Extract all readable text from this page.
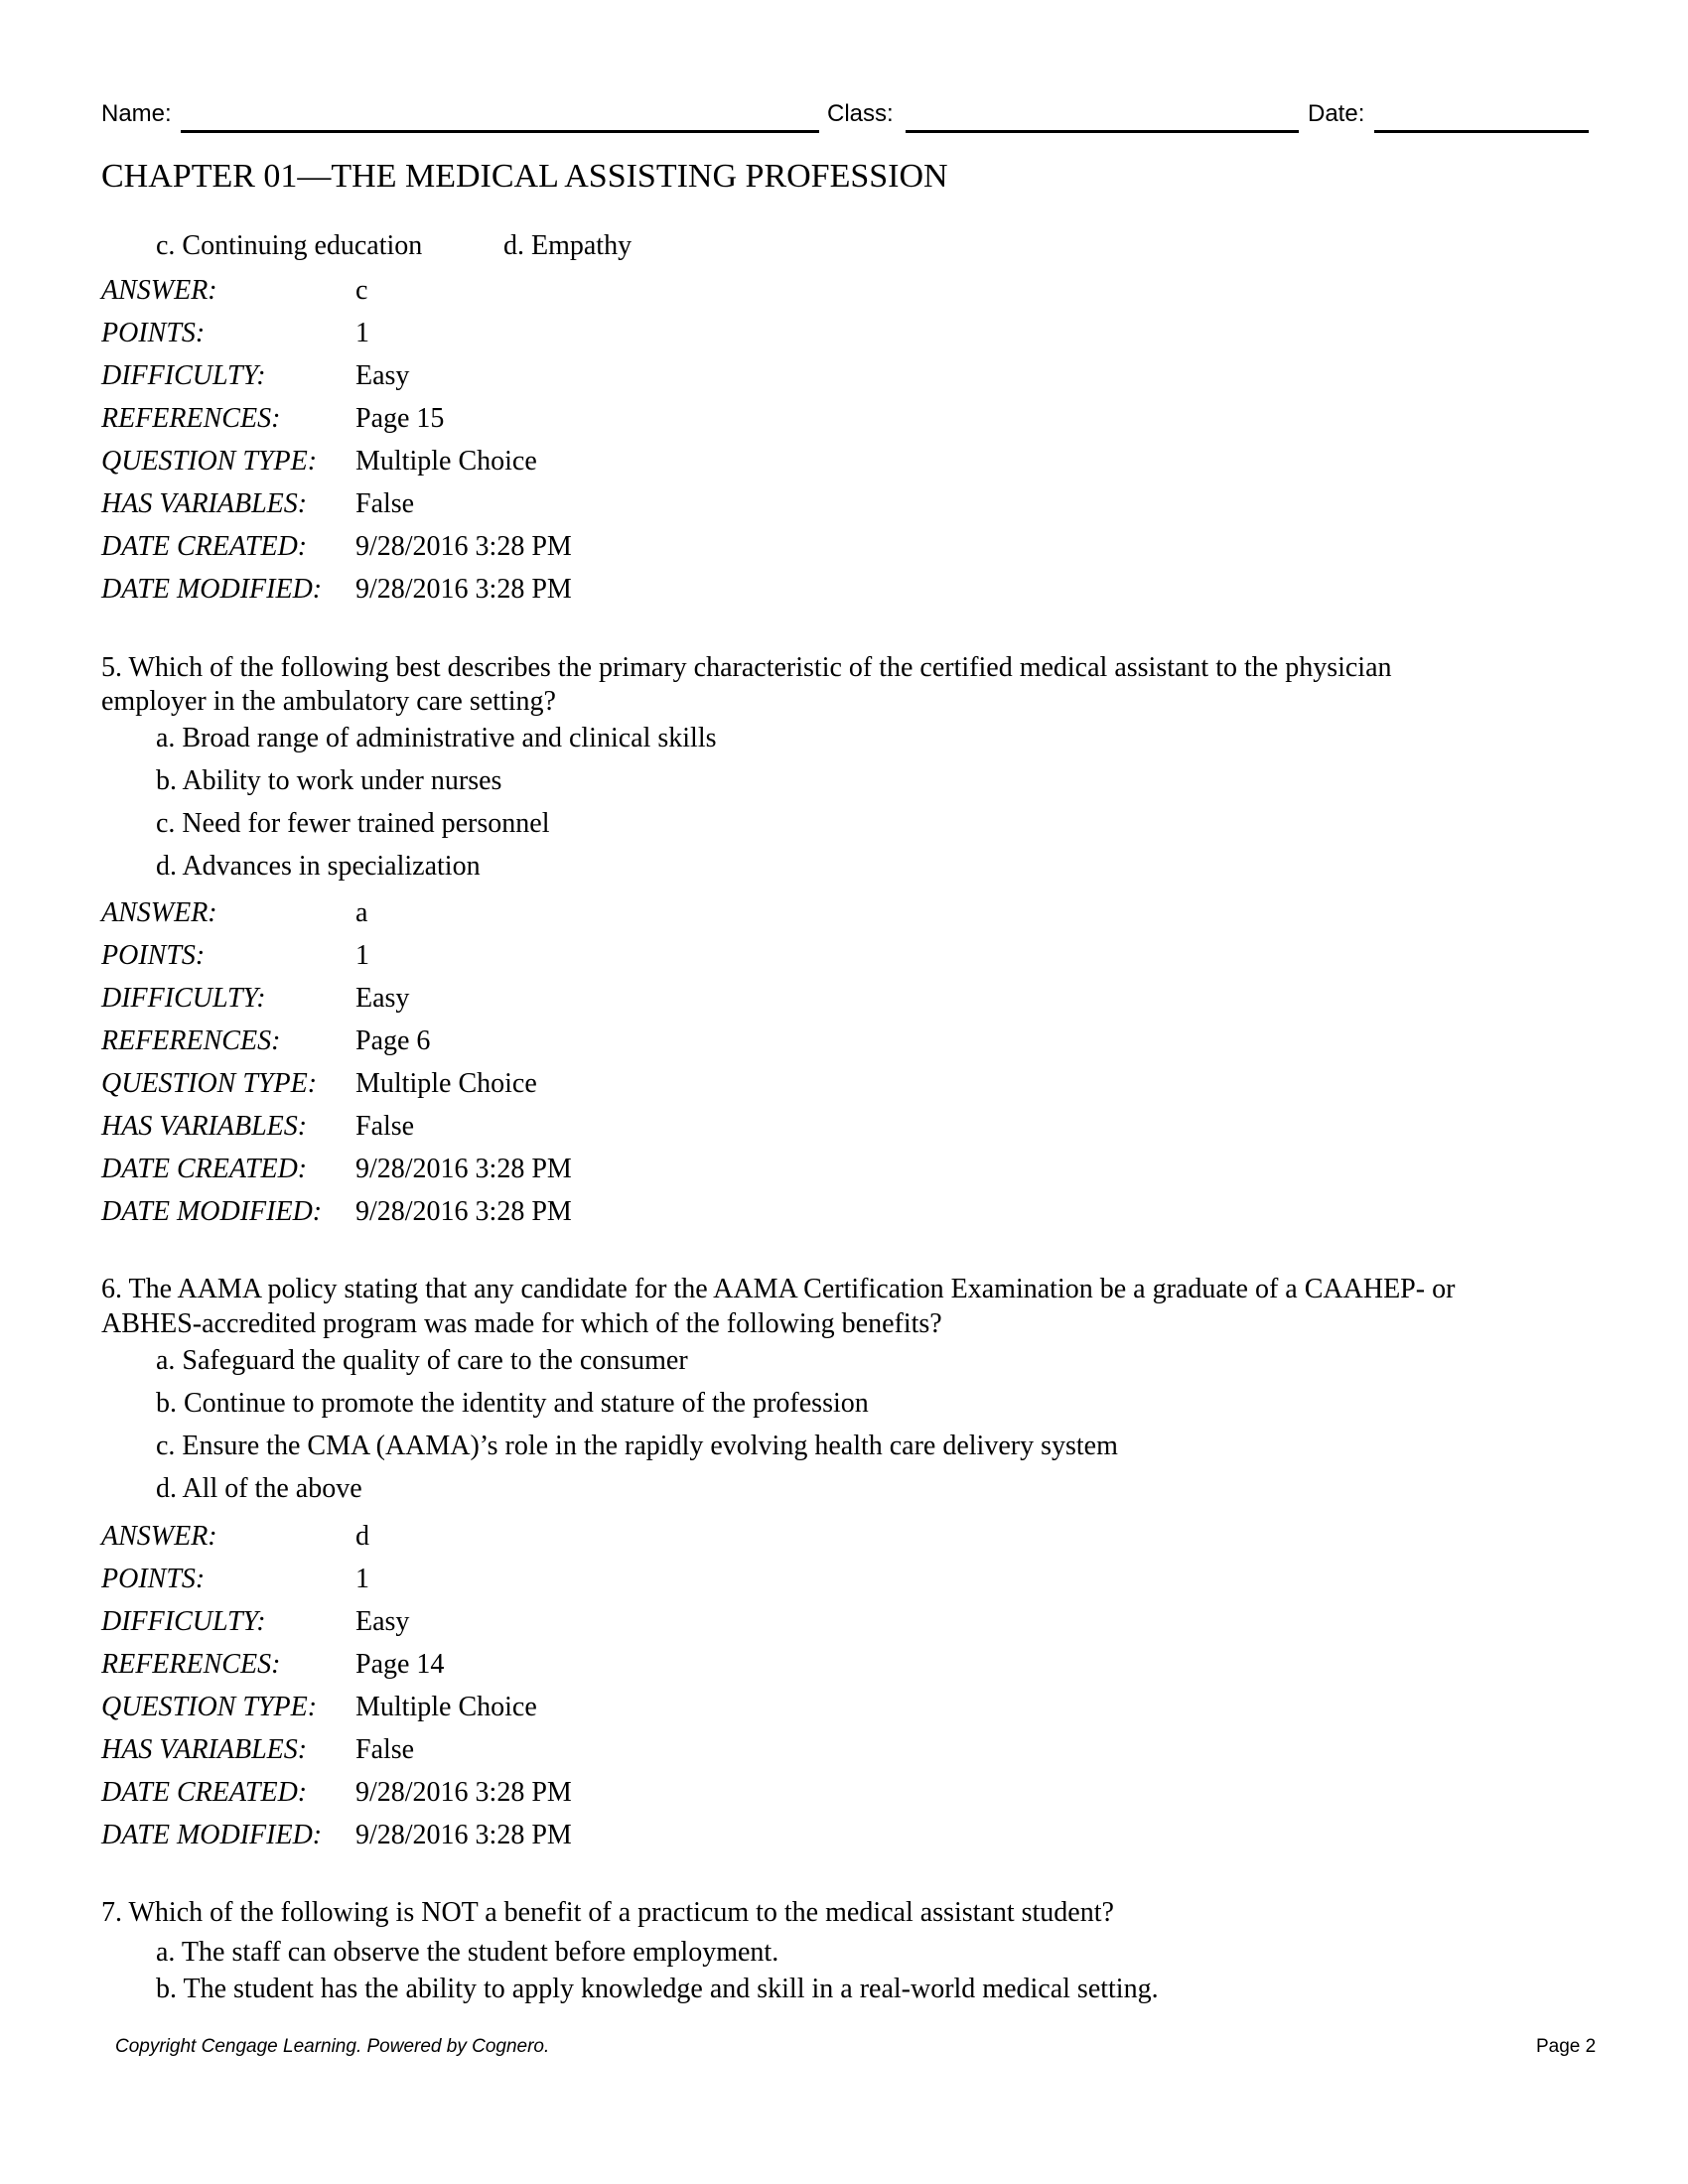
Name:	Class:	Date:
CHAPTER 01—THE MEDICAL ASSISTING PROFESSION
c. Continuing education	d. Empathy
ANSWER:	c
POINTS:	1
DIFFICULTY:	Easy
REFERENCES:	Page 15
QUESTION TYPE: Multiple Choice
HAS VARIABLES: False
DATE CREATED: 9/28/2016 3:28 PM
DATE MODIFIED: 9/28/2016 3:28 PM
5. Which of the following best describes the primary characteristic of the certified medical assistant to the physician
employer in the ambulatory care setting?
a. Broad range of administrative and clinical skills
b. Ability to work under nurses
c. Need for fewer trained personnel
d. Advances in specialization
ANSWER:	a
POINTS:	1
DIFFICULTY:	Easy
REFERENCES:	Page 6
QUESTION TYPE: Multiple Choice
HAS VARIABLES: False
DATE CREATED: 9/28/2016 3:28 PM
DATE MODIFIED: 9/28/2016 3:28 PM
6. The AAMA policy stating that any candidate for the AAMA Certification Examination be a graduate of a CAAHEP- or
ABHES-accredited program was made for which of the following benefits?
a. Safeguard the quality of care to the consumer
b. Continue to promote the identity and stature of the profession
c. Ensure the CMA (AAMA)’s role in the rapidly evolving health care delivery system
d. All of the above
ANSWER:	d
POINTS:	1
DIFFICULTY:	Easy
REFERENCES:	Page 14
QUESTION TYPE: Multiple Choice
HAS VARIABLES: False
DATE CREATED: 9/28/2016 3:28 PM
DATE MODIFIED: 9/28/2016 3:28 PM
7. Which of the following is NOT a benefit of a practicum to the medical assistant student?
a. The staff can observe the student before employment.
b. The student has the ability to apply knowledge and skill in a real-world medical setting.
Copyright Cengage Learning. Powered by Cognero.	Page 2
